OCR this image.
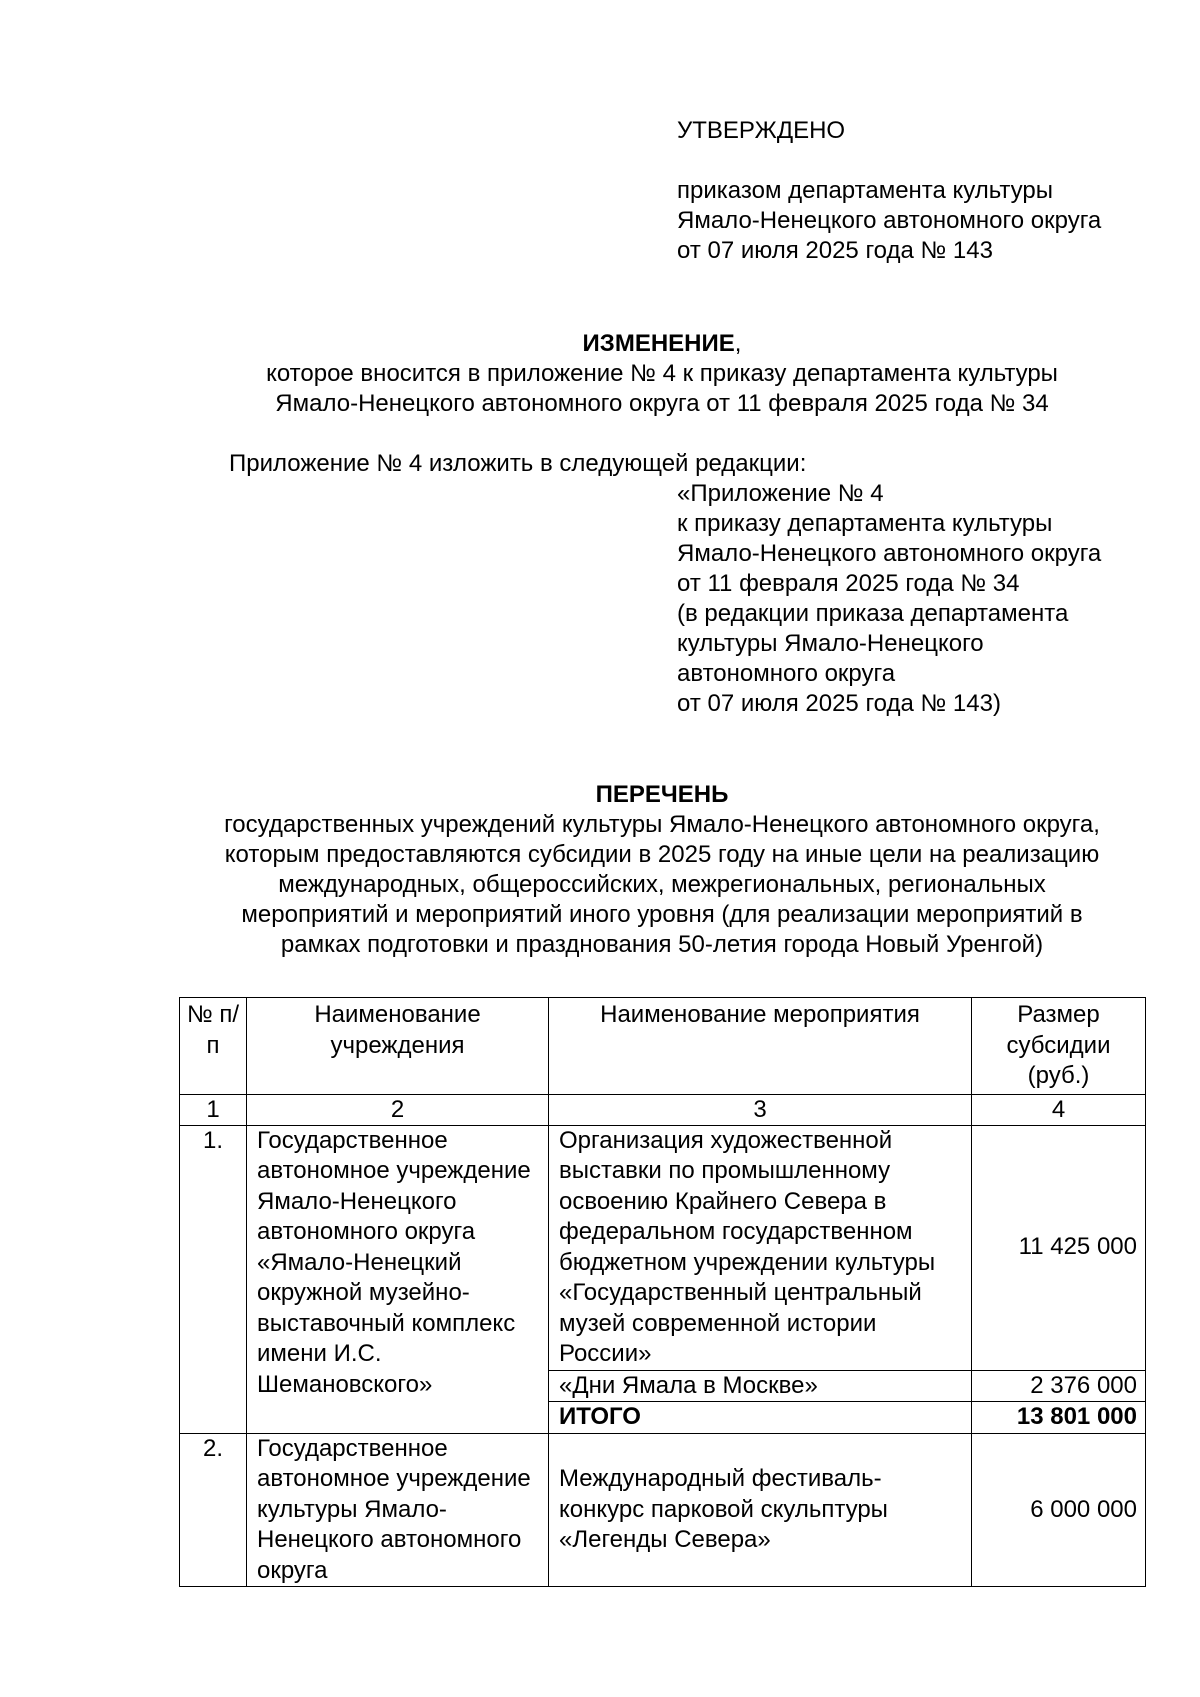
УТВЕРЖДЕНО
приказом департамента культуры
Ямало-Ненецкого автономного округа
от 07 июля 2025 года № 143
ИЗМЕНЕНИЕ,
которое вносится в приложение № 4 к приказу департамента культуры
Ямало-Ненецкого автономного округа от 11 февраля 2025 года № 34
Приложение № 4 изложить в следующей редакции:
«Приложение № 4
к приказу департамента культуры
Ямало-Ненецкого автономного округа
от 11 февраля 2025 года № 34
(в редакции приказа департамента
культуры Ямало-Ненецкого
автономного округа
от 07 июля 2025 года № 143)
ПЕРЕЧЕНЬ
государственных учреждений культуры Ямало-Ненецкого автономного округа,
которым предоставляются субсидии в 2025 году на иные цели на реализацию
международных, общероссийских, межрегиональных, региональных
мероприятий и мероприятий иного уровня (для реализации мероприятий в
рамках подготовки и празднования 50-летия города Новый Уренгой)
№ п/п	Наименование учреждения	Наименование мероприятия	Размер субсидии (руб.)
1	2	3	4
1.	Государственное автономное учреждение Ямало-Ненецкого автономного округа «Ямало-Ненецкий окружной музейно-выставочный комплекс имени И.С. Шемановского»	Организация художественной выставки по промышленному освоению Крайнего Севера в федеральном государственном бюджетном учреждении культуры «Государственный центральный музей современной истории России»	11 425 000
		«Дни Ямала в Москве»	2 376 000
		ИТОГО	13 801 000
2.	Государственное автономное учреждение культуры Ямало-Ненецкого автономного округа	Международный фестиваль-конкурс парковой скульптуры «Легенды Севера»	6 000 000
